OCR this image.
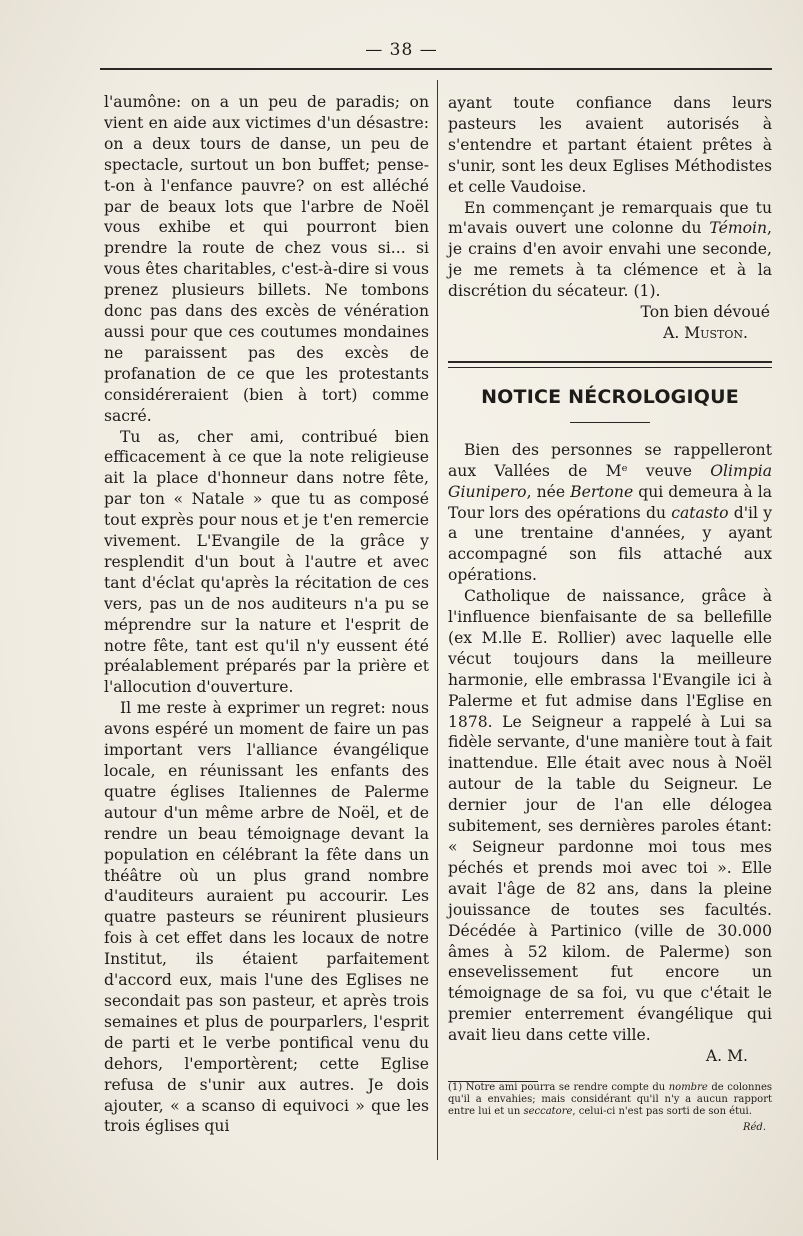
— 38 —

l'aumône: on a un peu de paradis; on vient en aide aux victimes d'un désastre: on a deux tours de danse, un peu de spectacle, surtout un bon buffet; pense-t-on à l'enfance pauvre? on est alléché par de beaux lots que l'arbre de Noël vous exhibe et qui pourront bien prendre la route de chez vous si... si vous êtes charitables, c'est-à-dire si vous prenez plusieurs billets. Ne tombons donc pas dans des excès de vénération aussi pour que ces coutumes mondaines ne paraissent pas des excès de profanation de ce que les protestants considéreraient (bien à tort) comme sacré.

Tu as, cher ami, contribué bien efficacement à ce que la note religieuse ait la place d'honneur dans notre fête, par ton « Natale » que tu as composé tout exprès pour nous et je t'en remercie vivement. L'Evangile de la grâce y resplendit d'un bout à l'autre et avec tant d'éclat qu'après la récitation de ces vers, pas un de nos auditeurs n'a pu se méprendre sur la nature et l'esprit de notre fête, tant est qu'il n'y eussent été préalablement préparés par la prière et l'allocution d'ouverture.

Il me reste à exprimer un regret: nous avons espéré un moment de faire un pas important vers l'alliance évangélique locale, en réunissant les enfants des quatre églises Italiennes de Palerme autour d'un même arbre de Noël, et de rendre un beau témoignage devant la population en célébrant la fête dans un théâtre où un plus grand nombre d'auditeurs auraient pu accourir. Les quatre pasteurs se réunirent plusieurs fois à cet effet dans les locaux de notre Institut, ils étaient parfaitement d'accord eux, mais l'une des Eglises ne secondait pas son pasteur, et après trois semaines et plus de pourparlers, l'esprit de parti et le verbe pontifical venu du dehors, l'emportèrent; cette Eglise refusa de s'unir aux autres. Je dois ajouter, « a scanso di equivoci » que les trois églises qui

ayant toute confiance dans leurs pasteurs les avaient autorisés à s'entendre et partant étaient prêtes à s'unir, sont les deux Eglises Méthodistes et celle Vaudoise.

En commençant je remarquais que tu m'avais ouvert une colonne du Témoin, je crains d'en avoir envahi une seconde, je me remets à ta clémence et à la discrétion du sécateur. (1).

Ton bien dévoué

A. Muston.

NOTICE NÉCROLOGIQUE

Bien des personnes se rappelleront aux Vallées de Mᵉ veuve Olimpia Giunipero, née Bertone qui demeura à la Tour lors des opérations du catasto d'il y a une trentaine d'années, y ayant accompagné son fils attaché aux opérations.

Catholique de naissance, grâce à l'influence bienfaisante de sa bellefille (ex M.lle E. Rollier) avec laquelle elle vécut toujours dans la meilleure harmonie, elle embrassa l'Evangile ici à Palerme et fut admise dans l'Eglise en 1878. Le Seigneur a rappelé à Lui sa fidèle servante, d'une manière tout à fait inattendue. Elle était avec nous à Noël autour de la table du Seigneur. Le dernier jour de l'an elle délogea subitement, ses dernières paroles étant: « Seigneur pardonne moi tous mes péchés et prends moi avec toi ». Elle avait l'âge de 82 ans, dans la pleine jouissance de toutes ses facultés. Décédée à Partinico (ville de 30.000 âmes à 52 kilom. de Palerme) son ensevelissement fut encore un témoignage de sa foi, vu que c'était le premier enterrement évangélique qui avait lieu dans cette ville.

A. M.

(1) Notre ami pourra se rendre compte du nombre de colonnes qu'il a envahies; mais considérant qu'il n'y a aucun rapport entre lui et un seccatore, celui-ci n'est pas sorti de son étui.

Réd.
